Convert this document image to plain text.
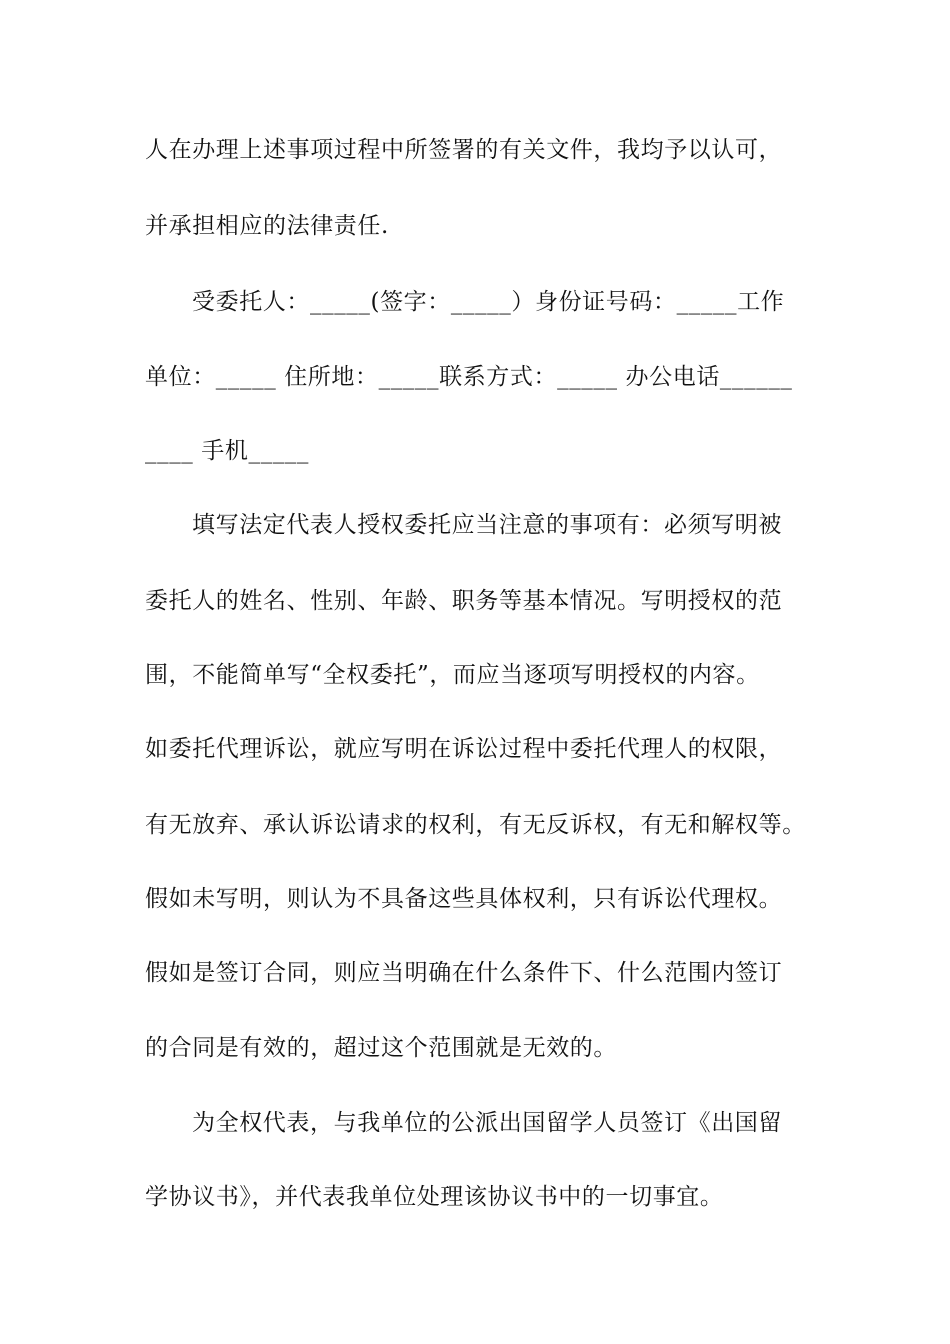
人在办理上述事项过程中所签署的有关文件，我均予以认可，
并承担相应的法律责任.
受委托人：_____(签字：_____）身份证号码：_____工作
单位：_____ 住所地：_____联系方式：_____ 办公电话______
____ 手机_____
填写法定代表人授权委托应当注意的事项有：必须写明被
委托人的姓名、性别、年龄、职务等基本情况。写明授权的范
围，不能简单写“全权委托”，而应当逐项写明授权的内容。
如委托代理诉讼，就应写明在诉讼过程中委托代理人的权限，
有无放弃、承认诉讼请求的权利，有无反诉权，有无和解权等。
假如未写明，则认为不具备这些具体权利，只有诉讼代理权。
假如是签订合同，则应当明确在什么条件下、什么范围内签订
的合同是有效的，超过这个范围就是无效的。
为全权代表，与我单位的公派出国留学人员签订《出国留
学协议书》，并代表我单位处理该协议书中的一切事宜。
